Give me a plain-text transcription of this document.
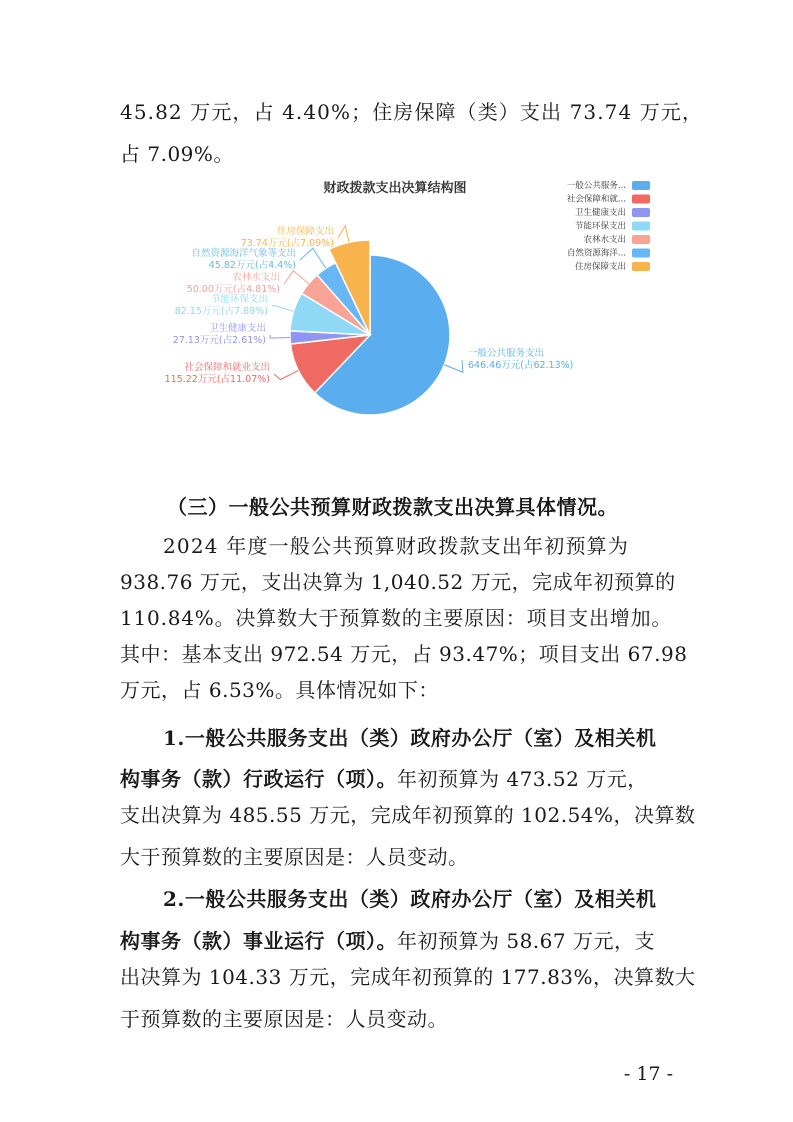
45.82 万元，占 4.40%；住房保障（类）支出 73.74 万元，

占 7.09%。

财政拨款支出决算结构图
一般公共服务支出
646.46万元(占62.13%)
社会保障和就业支出
115.22万元(占11.07%)
卫生健康支出
27.13万元(占2.61%)
节能环保支出
82.15万元(占7.89%)
农林水支出
50.00万元(占4.81%)
自然资源海洋气象等支出
45.82万元(占4.4%)
住房保障支出
73.74万元(占7.09%)
一般公共服务...
社会保障和就...
卫生健康支出
节能环保支出
农林水支出
自然资源海洋...
住房保障支出

（三）一般公共预算财政拨款支出决算具体情况。

2024 年度一般公共预算财政拨款支出年初预算为

938.76 万元，支出决算为 1,040.52 万元，完成年初预算的

110.84%。决算数大于预算数的主要原因：项目支出增加。

其中：基本支出 972.54 万元，占 93.47%；项目支出 67.98

万元，占 6.53%。具体情况如下：

1.一般公共服务支出（类）政府办公厅（室）及相关机

构事务（款）行政运行（项）。年初预算为 473.52 万元，

支出决算为 485.55 万元，完成年初预算的 102.54%，决算数

大于预算数的主要原因是：人员变动。

2.一般公共服务支出（类）政府办公厅（室）及相关机

构事务（款）事业运行（项）。年初预算为 58.67 万元，支

出决算为 104.33 万元，完成年初预算的 177.83%，决算数大

于预算数的主要原因是：人员变动。

- 17 -
